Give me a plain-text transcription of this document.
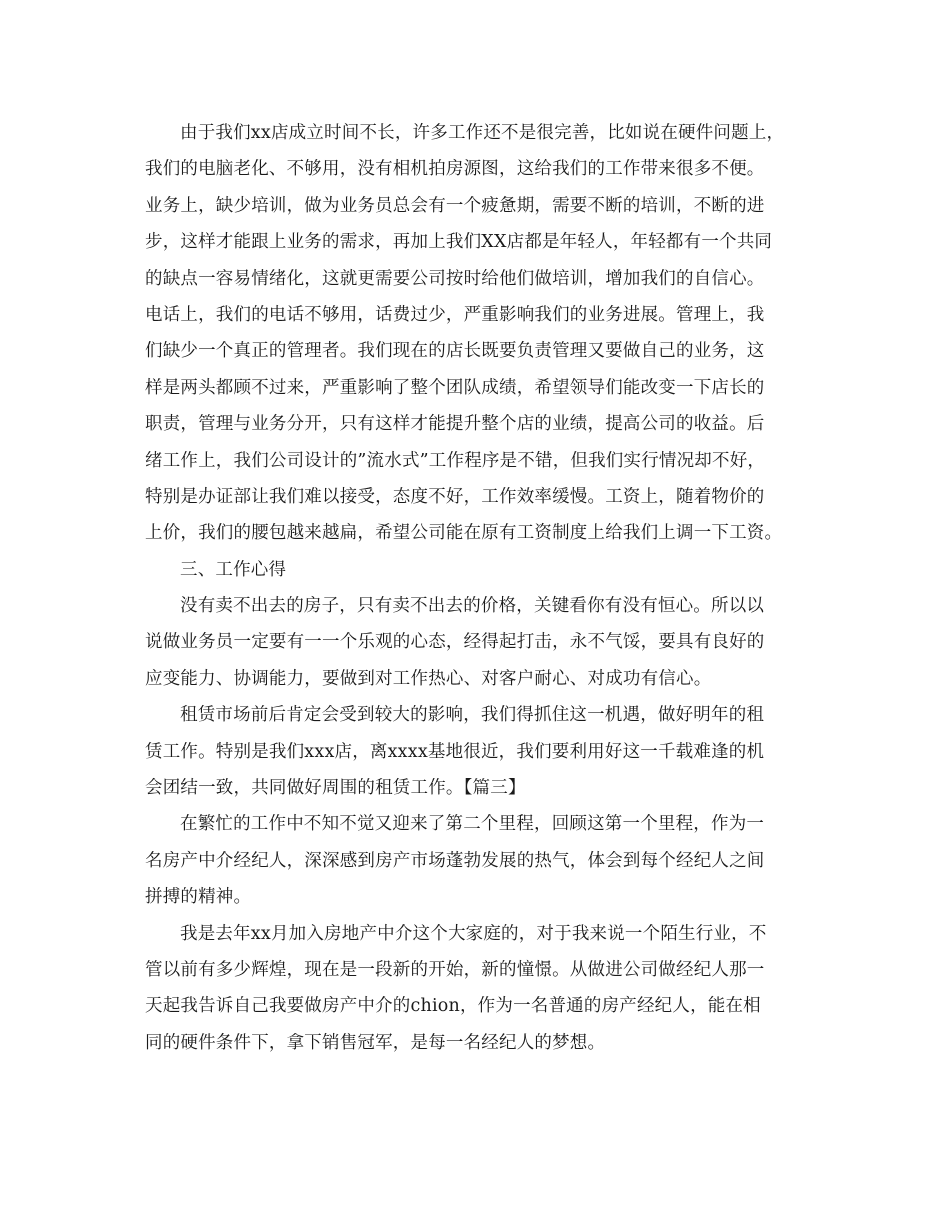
由于我们xx店成立时间不长，许多工作还不是很完善，比如说在硬件问题上，
我们的电脑老化、不够用，没有相机拍房源图，这给我们的工作带来很多不便。
业务上，缺少培训，做为业务员总会有一个疲惫期，需要不断的培训，不断的进
步，这样才能跟上业务的需求，再加上我们XX店都是年轻人，年轻都有一个共同
的缺点一容易情绪化，这就更需要公司按时给他们做培训，增加我们的自信心。
电话上，我们的电话不够用，话费过少，严重影响我们的业务进展。管理上，我
们缺少一个真正的管理者。我们现在的店长既要负责管理又要做自己的业务，这
样是两头都顾不过来，严重影响了整个团队成绩，希望领导们能改变一下店长的
职责，管理与业务分开，只有这样才能提升整个店的业绩，提高公司的收益。后
绪工作上，我们公司设计的”流水式”工作程序是不错，但我们实行情况却不好，
特别是办证部让我们难以接受，态度不好，工作效率缓慢。工资上，随着物价的
上价，我们的腰包越来越扁，希望公司能在原有工资制度上给我们上调一下工资。
三、工作心得
没有卖不出去的房子，只有卖不出去的价格，关键看你有没有恒心。所以以
说做业务员一定要有一一个乐观的心态，经得起打击，永不气馁，要具有良好的
应变能力、协调能力，要做到对工作热心、对客户耐心、对成功有信心。
租赁市场前后肯定会受到较大的影响，我们得抓住这一机遇，做好明年的租
赁工作。特别是我们xxx店，离xxxx基地很近，我们要利用好这一千载难逢的机
会团结一致，共同做好周围的租赁工作。【篇三】
在繁忙的工作中不知不觉又迎来了第二个里程，回顾这第一个里程，作为一
名房产中介经纪人，深深感到房产市场蓬勃发展的热气，体会到每个经纪人之间
拼搏的精神。
我是去年xx月加入房地产中介这个大家庭的，对于我来说一个陌生行业，不
管以前有多少辉煌，现在是一段新的开始，新的憧憬。从做进公司做经纪人那一
天起我告诉自己我要做房产中介的chion，作为一名普通的房产经纪人，能在相
同的硬件条件下，拿下销售冠军，是每一名经纪人的梦想。
